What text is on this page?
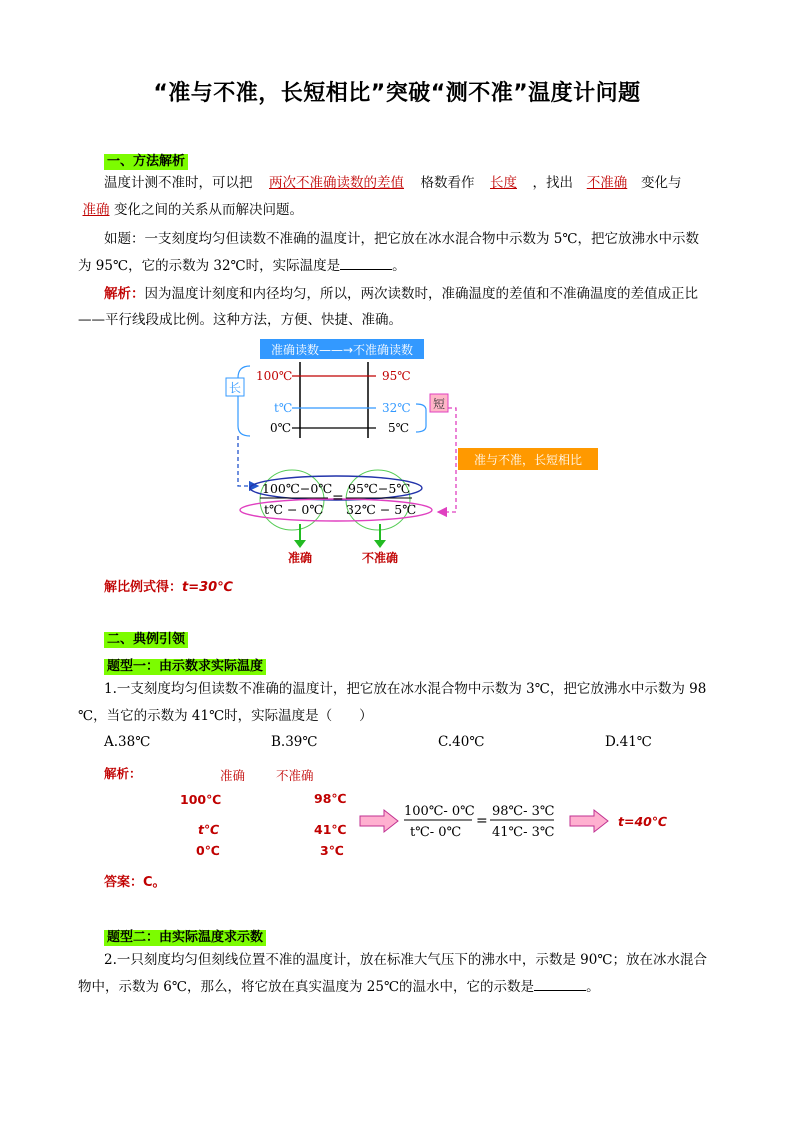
“准与不准，长短相比”突破“测不准”温度计问题
一、方法解析
温度计测不准时，可以把 两次不准确读数的差值 格数看作 长度 ，找出 不准确 变化与
准确 变化之间的关系从而解决问题。
如题：一支刻度均匀但读数不准确的温度计，把它放在冰水混合物中示数为 5℃，把它放沸水中示数
为 95℃，它的示数为 32℃时，实际温度是	。
解析：因为温度计刻度和内径均匀，所以，两次读数时，准确温度的差值和不准确温度的差值成正比
——平行线段成比例。这种方法，方便、快捷、准确。
准确读数——→不准确读数
长
100℃
t℃
0℃
95℃
32℃
5℃
短
准与不准，长短相比
100℃−0℃
t℃ − 0℃
=
95℃−5℃
32℃ − 5℃
准确	不准确
解比例式得：t=30℃
二、典例引领
题型一：由示数求实际温度
1.一支刻度均匀但读数不准确的温度计，把它放在冰水混合物中示数为 3℃，把它放沸水中示数为 98
℃，当它的示数为 41℃时，实际温度是（　　）
A.38℃	B.39℃	C.40℃	D.41℃
解析：	准确 不准确
100℃
t℃
0℃
98℃
41℃
3℃
100℃- 0℃
t℃- 0℃
=
98℃- 3℃
41℃- 3℃
t=40℃
答案：C。
题型二：由实际温度求示数
2.一只刻度均匀但刻线位置不准的温度计，放在标准大气压下的沸水中，示数是 90℃；放在冰水混合
物中，示数为 6℃，那么，将它放在真实温度为 25℃的温水中，它的示数是	。
